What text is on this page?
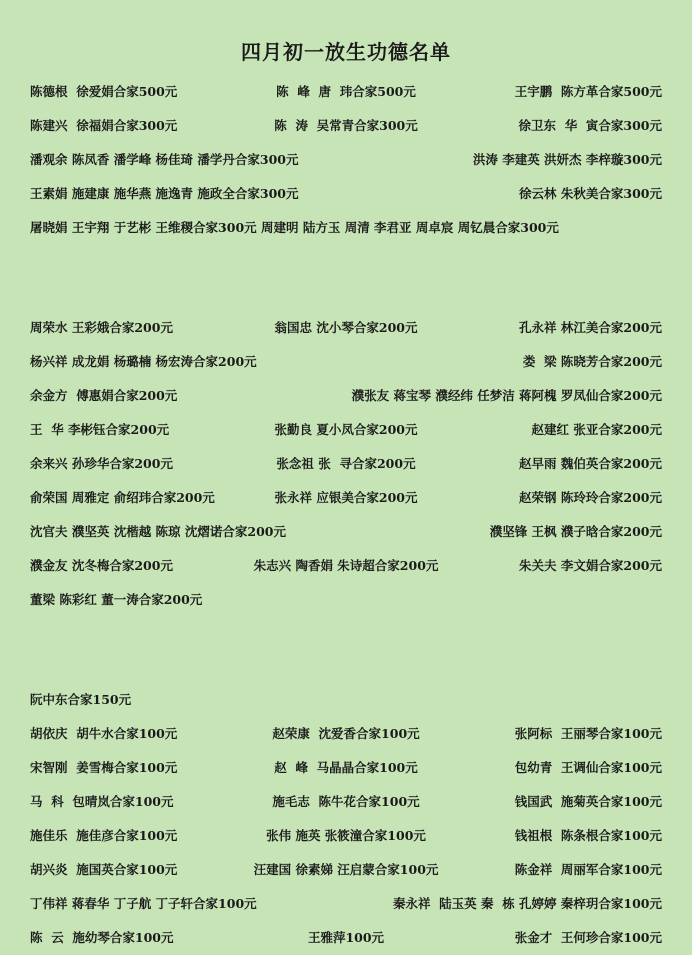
四月初一放生功德名单
陈德根  徐爱娟合家500元	陈  峰  唐  玮合家500元	王宇鹏  陈方革合家500元
陈建兴  徐福娟合家300元	陈  涛  吴常青合家300元	徐卫东  华  寅合家300元
潘观余 陈凤香 潘学峰 杨佳琦 潘学丹合家300元	洪涛 李建英 洪妍杰 李梓璇300元
王素娟 施建康 施华燕 施逸青 施政全合家300元	徐云林 朱秋美合家300元
屠晓娟 王宇翔 于艺彬 王维稷合家300元 周建明 陆方玉 周清 李君亚 周卓宸 周钇晨合家300元
周荣水 王彩娥合家200元	翁国忠 沈小琴合家200元	孔永祥 林江美合家200元
杨兴祥 成龙娟 杨璐楠 杨宏涛合家200元	娄  梁 陈晓芳合家200元
余金方  傅惠娟合家200元	濮张友 蒋宝琴 濮经纬 任梦洁 蒋阿槐 罗凤仙合家200元
王  华 李彬钰合家200元	张勤良 夏小凤合家200元	赵建红 张亚合家200元
余来兴 孙珍华合家200元	张念祖 张  寻合家200元	赵早雨 魏伯英合家200元
俞荣国 周雅定 俞绍玮合家200元	张永祥 应银美合家200元	赵荣钢 陈玲玲合家200元
沈官夫 濮坚英 沈楷越 陈琼 沈熠诺合家200元	濮坚锋 王枫 濮子晗合家200元
濮金友 沈冬梅合家200元	朱志兴 陶香娟 朱诗超合家200元	朱关夫 李文娟合家200元
董梁 陈彩红 董一涛合家200元
阮中东合家150元
胡依庆  胡牛水合家100元	赵荣康  沈爱香合家100元	张阿标  王丽琴合家100元
宋智刚  姜雪梅合家100元	赵  峰  马晶晶合家100元	包幼青  王调仙合家100元
马  科  包晴岚合家100元	施毛志  陈牛花合家100元	钱国武  施菊英合家100元
施佳乐  施佳彦合家100元	张伟 施英 张筱潼合家100元	钱祖根  陈条根合家100元
胡兴炎  施国英合家100元	汪建国 徐素娣 汪启蒙合家100元	陈金祥  周丽军合家100元
丁伟祥 蒋春华 丁子航 丁子轩合家100元	秦永祥  陆玉英 秦  栋 孔婷婷 秦梓玥合家100元
陈  云  施幼琴合家100元	王雅萍100元	张金才  王何珍合家100元
